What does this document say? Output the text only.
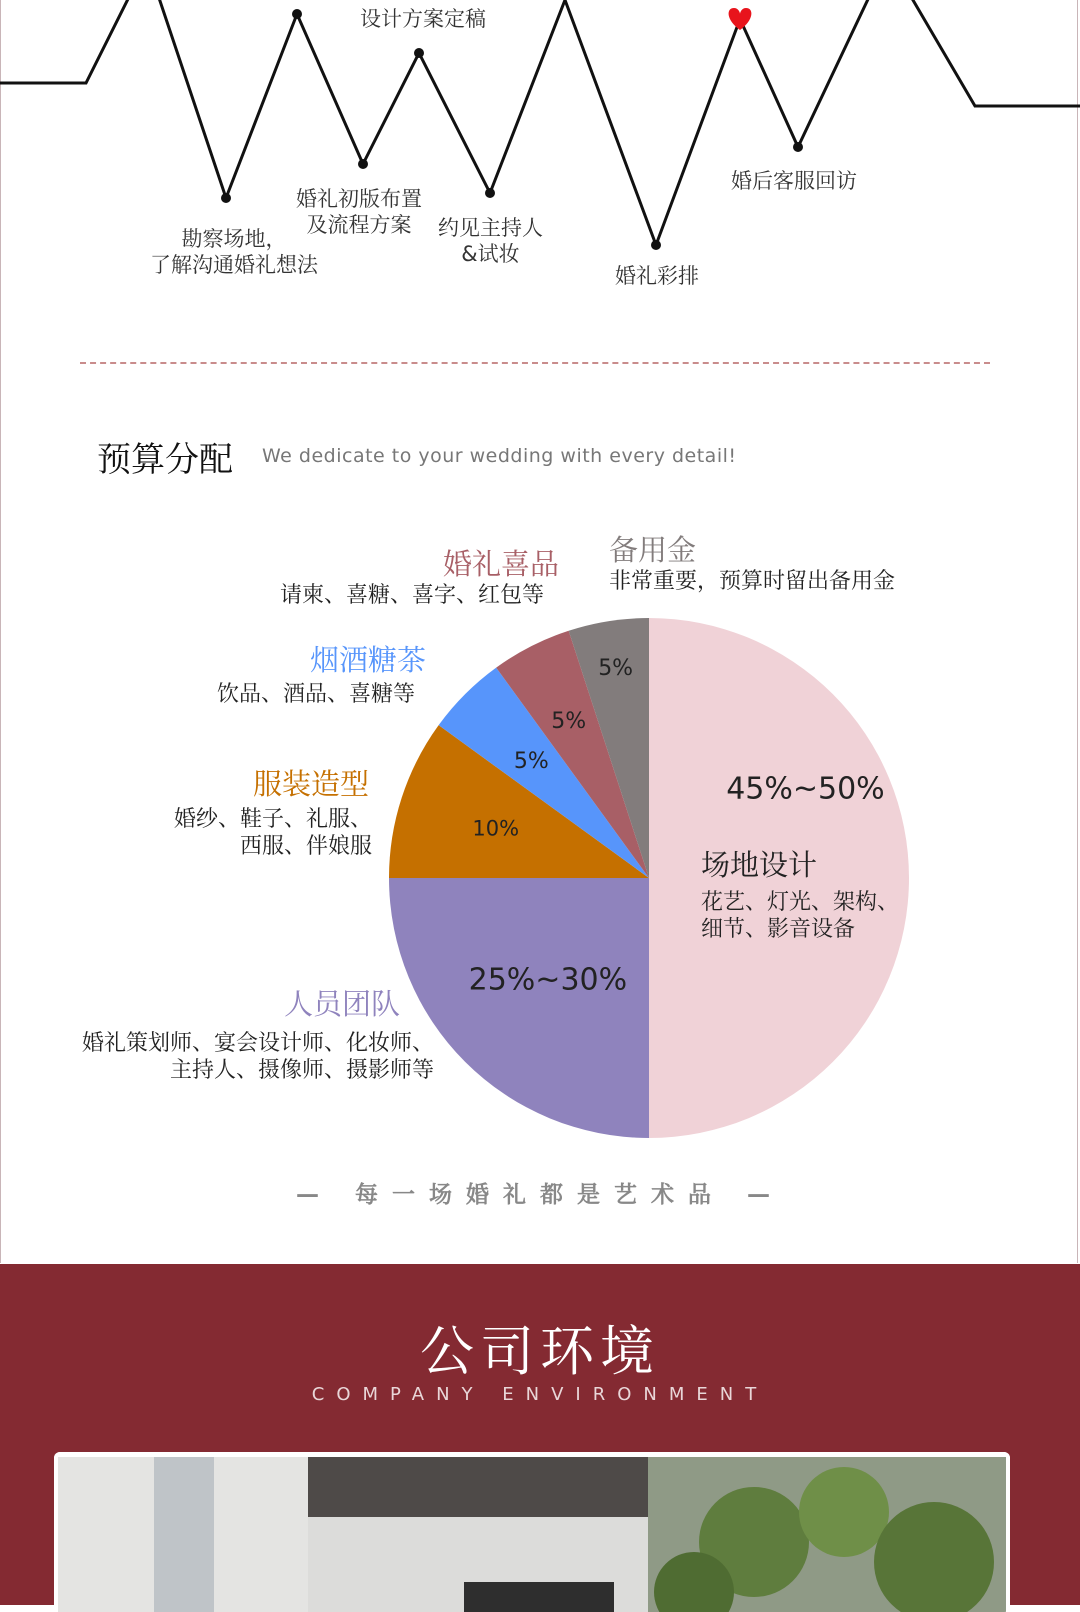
设计方案定稿
勘察场地，
了解沟通婚礼想法
婚礼初版布置
及流程方案	约见主持人
&试妆
婚礼彩排
婚后客服回访
预算分配 We dedicate to your wedding with every detail!
45%~50%
25%~30%
10%
5%
5%
5%
场地设计
花艺、灯光、架构、
细节、影音设备
人员团队
婚礼策划师、宴会设计师、化妆师、
主持人、摄像师、摄影师等
服装造型
婚纱、鞋子、礼服、
西服、伴娘服
烟酒糖茶
饮品、酒品、喜糖等
婚礼喜品
请柬、喜糖、喜字、红包等
备用金
非常重要，预算时留出备用金
— 每一场婚礼都是艺术品 —
公司环境
COMPANY ENVIRONMENT
